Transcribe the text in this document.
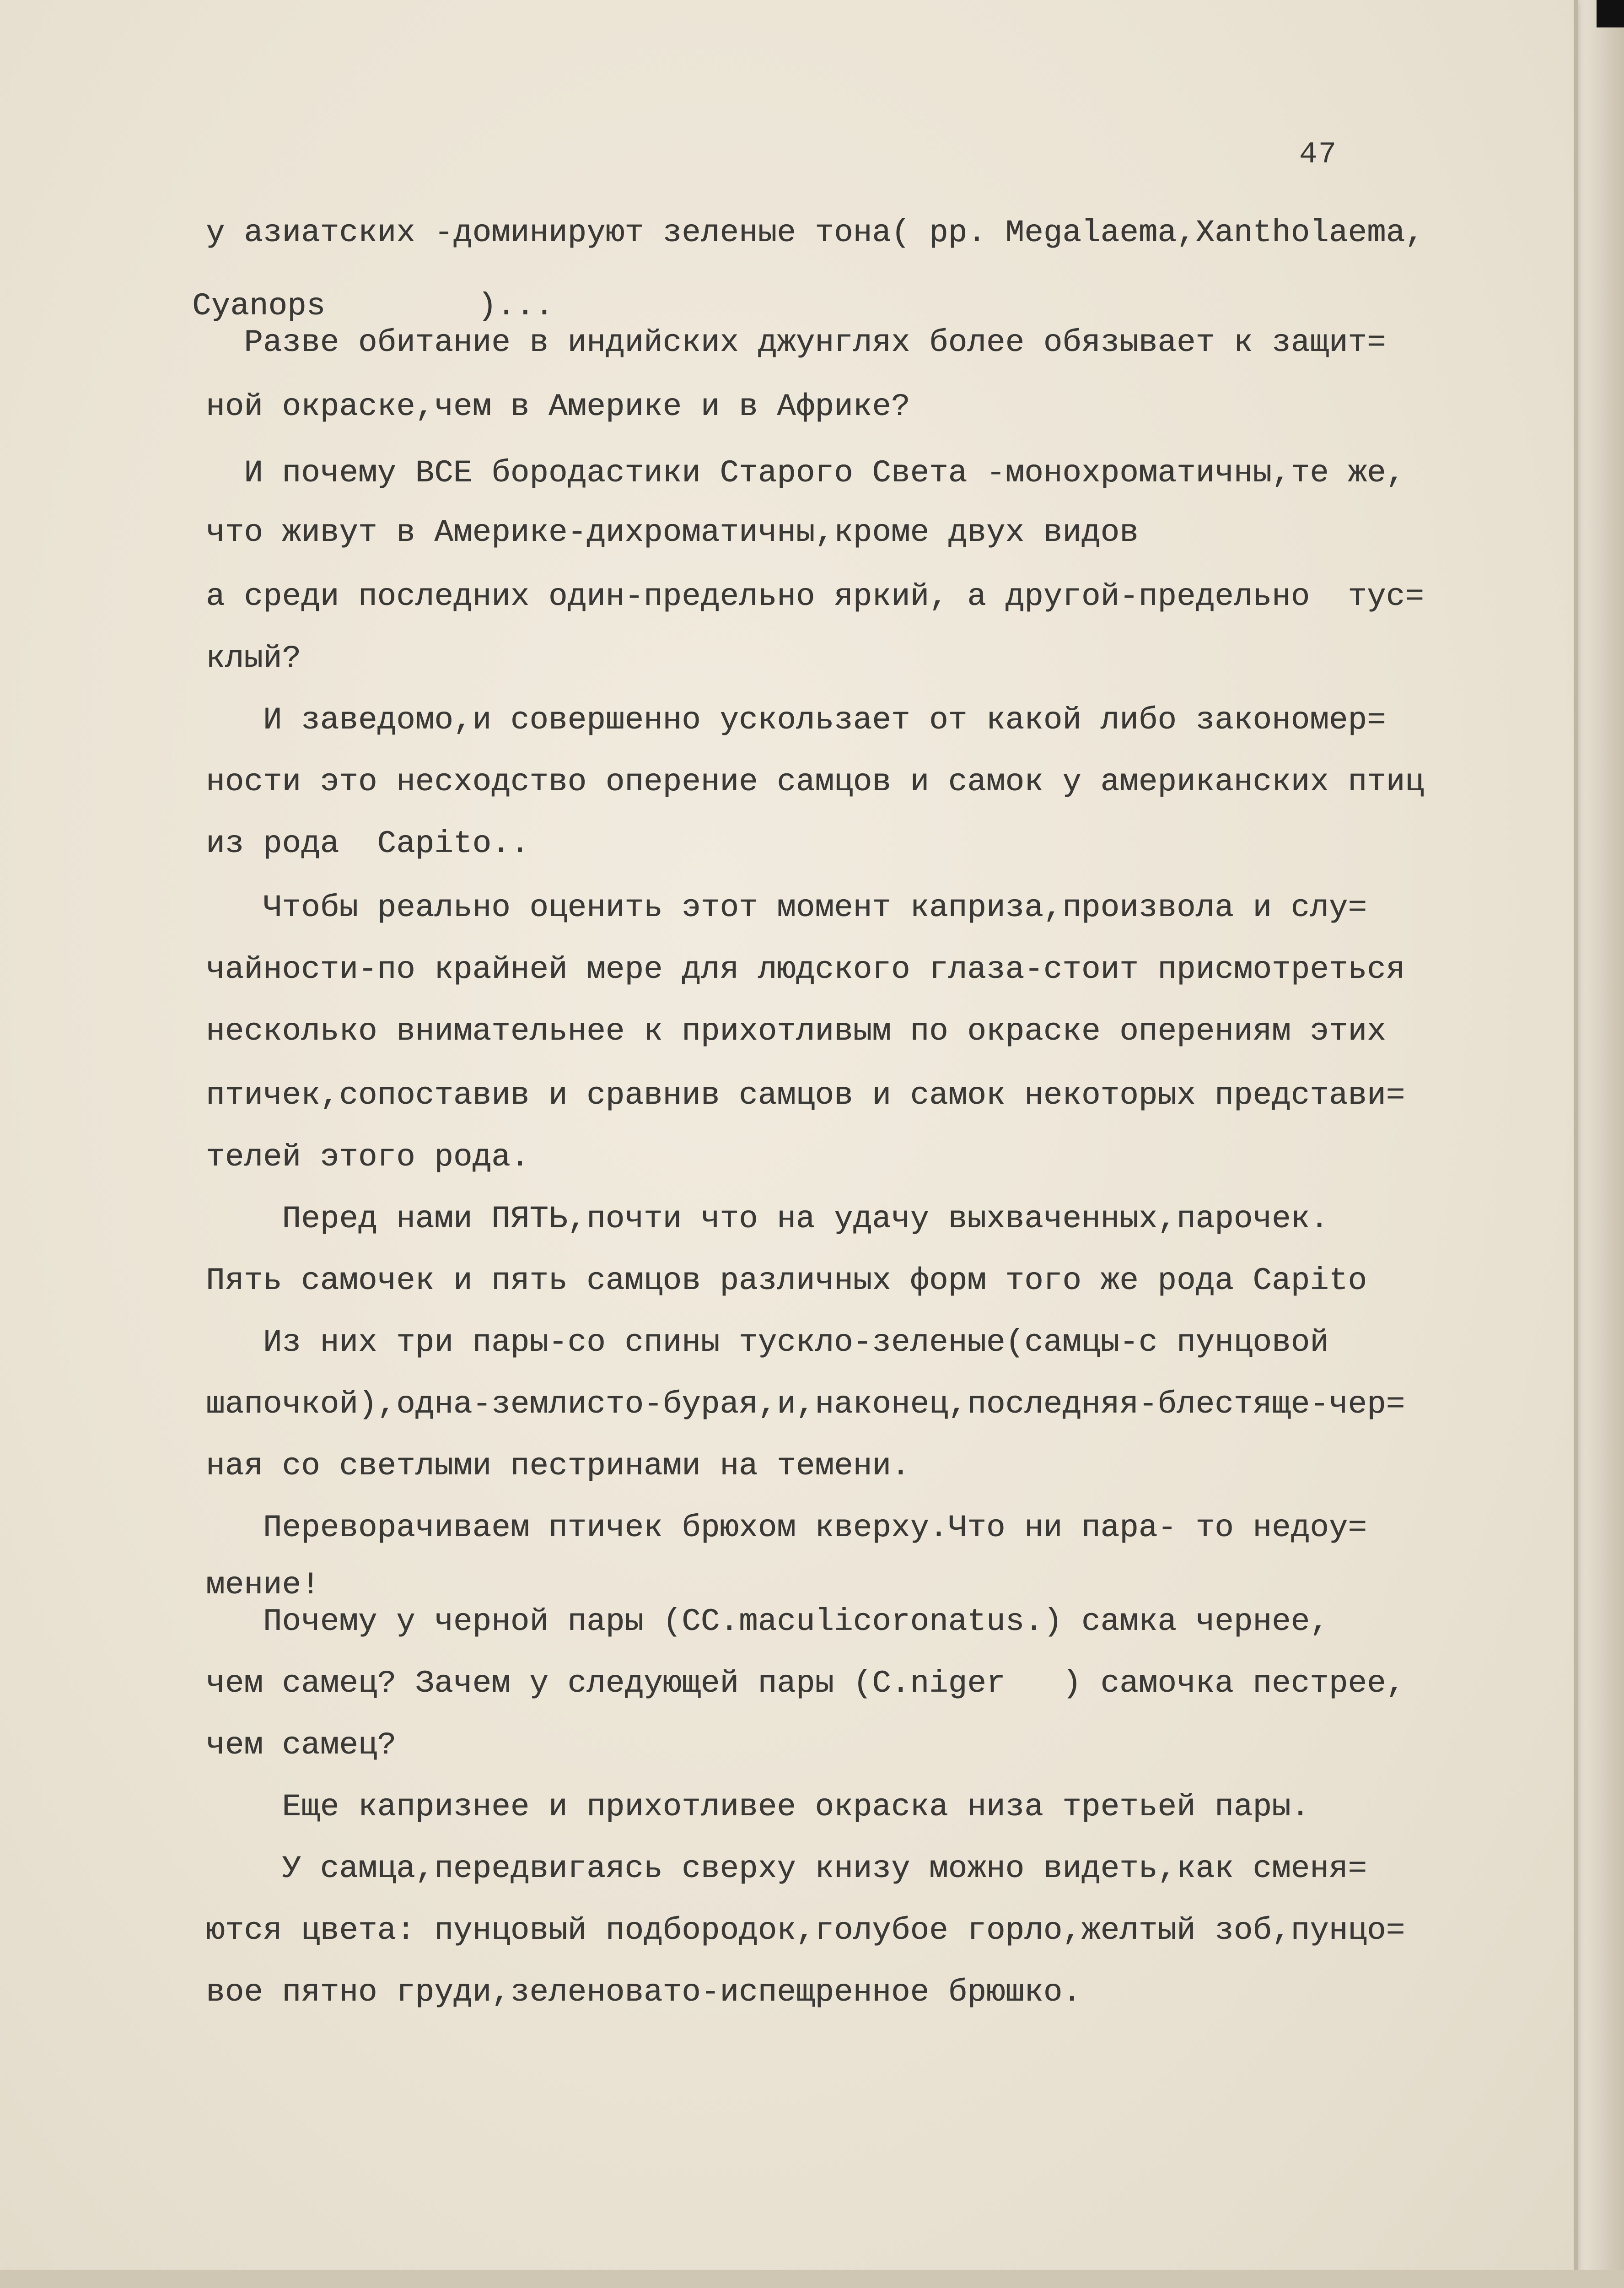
47
у азиатских -доминируют зеленые тона( рр. Megalaema,Xantholaema,
Cyanops        )...
Разве обитание в индийских джунглях более обязывает к защит=
ной окраске,чем в Америке и в Африке?
И почему ВСЕ бородастики Старого Света -монохроматичны,те же,
что живут в Америке-дихроматичны,кроме двух видов
а среди последних один-предельно яркий, а другой-предельно  тус=
клый?
И заведомо,и совершенно ускользает от какой либо закономер=
ности это несходство оперение самцов и самок у американских птиц
из рода  Capito..
Чтобы реально оценить этот момент каприза,произвола и слу=
чайности-по крайней мере для людского глаза-стоит присмотреться
несколько внимательнее к прихотливым по окраске оперениям этих
птичек,сопоставив и сравнив самцов и самок некоторых представи=
телей этого рода.
Перед нами ПЯТЬ,почти что на удачу выхваченных,парочек.
Пять самочек и пять самцов различных форм того же рода Capito
Из них три пары-со спины тускло-зеленые(самцы-с пунцовой
шапочкой),одна-землисто-бурая,и,наконец,последняя-блестяще-чер=
ная со светлыми пестринами на темени.
Переворачиваем птичек брюхом кверху.Что ни пара- то недоу=
мение!
Почему у черной пары (CC.maculicoronatus.) самка чернее,
чем самец? Зачем у следующей пары (C.niger   ) самочка пестрее,
чем самец?
Еще капризнее и прихотливее окраска низа третьей пары.
У самца,передвигаясь сверху книзу можно видеть,как сменя=
ются цвета: пунцовый подбородок,голубое горло,желтый зоб,пунцо=
вое пятно груди,зеленовато-испещренное брюшко.
